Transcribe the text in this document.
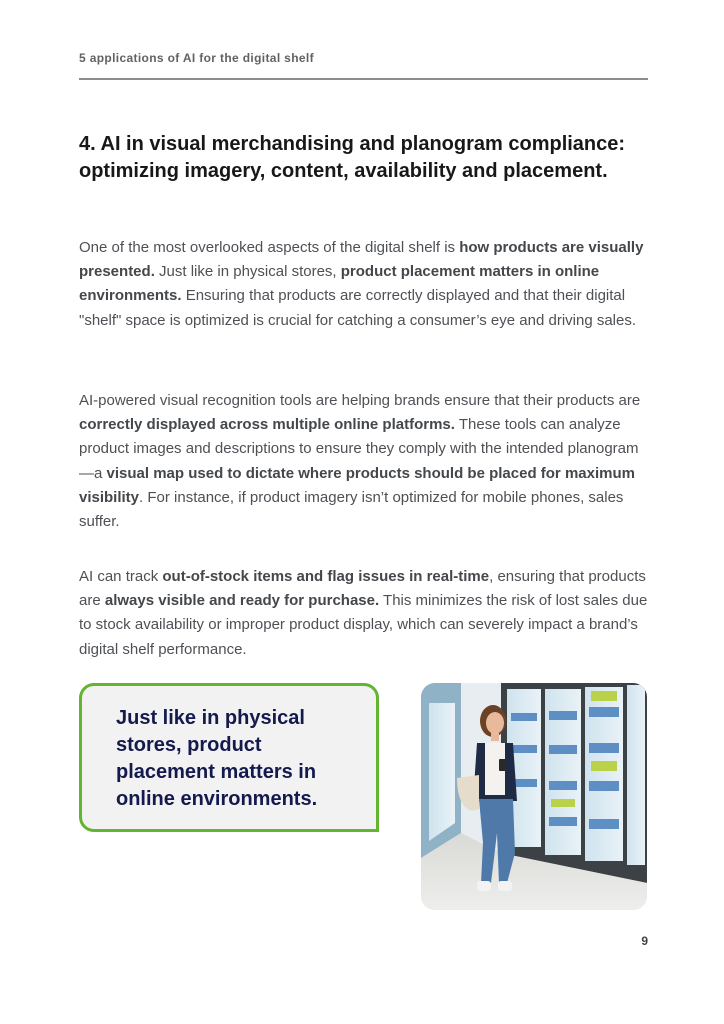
5 applications of AI for the digital shelf
4. AI in visual merchandising and planogram compliance: optimizing imagery, content, availability and placement.

One of the most overlooked aspects of the digital shelf is how products are visually presented. Just like in physical stores, product placement matters in online environments. Ensuring that products are correctly displayed and that their digital "shelf" space is optimized is crucial for catching a consumer’s eye and driving sales.

AI-powered visual recognition tools are helping brands ensure that their products are correctly displayed across multiple online platforms. These tools can analyze product images and descriptions to ensure they comply with the intended planogram—a visual map used to dictate where products should be placed for maximum visibility. For instance, if product imagery isn’t optimized for mobile phones, sales suffer.

AI can track out-of-stock items and flag issues in real-time, ensuring that products are always visible and ready for purchase. This minimizes the risk of lost sales due to stock availability or improper product display, which can severely impact a brand’s digital shelf performance.

Just like in physical stores, product placement matters in online environments.
9
